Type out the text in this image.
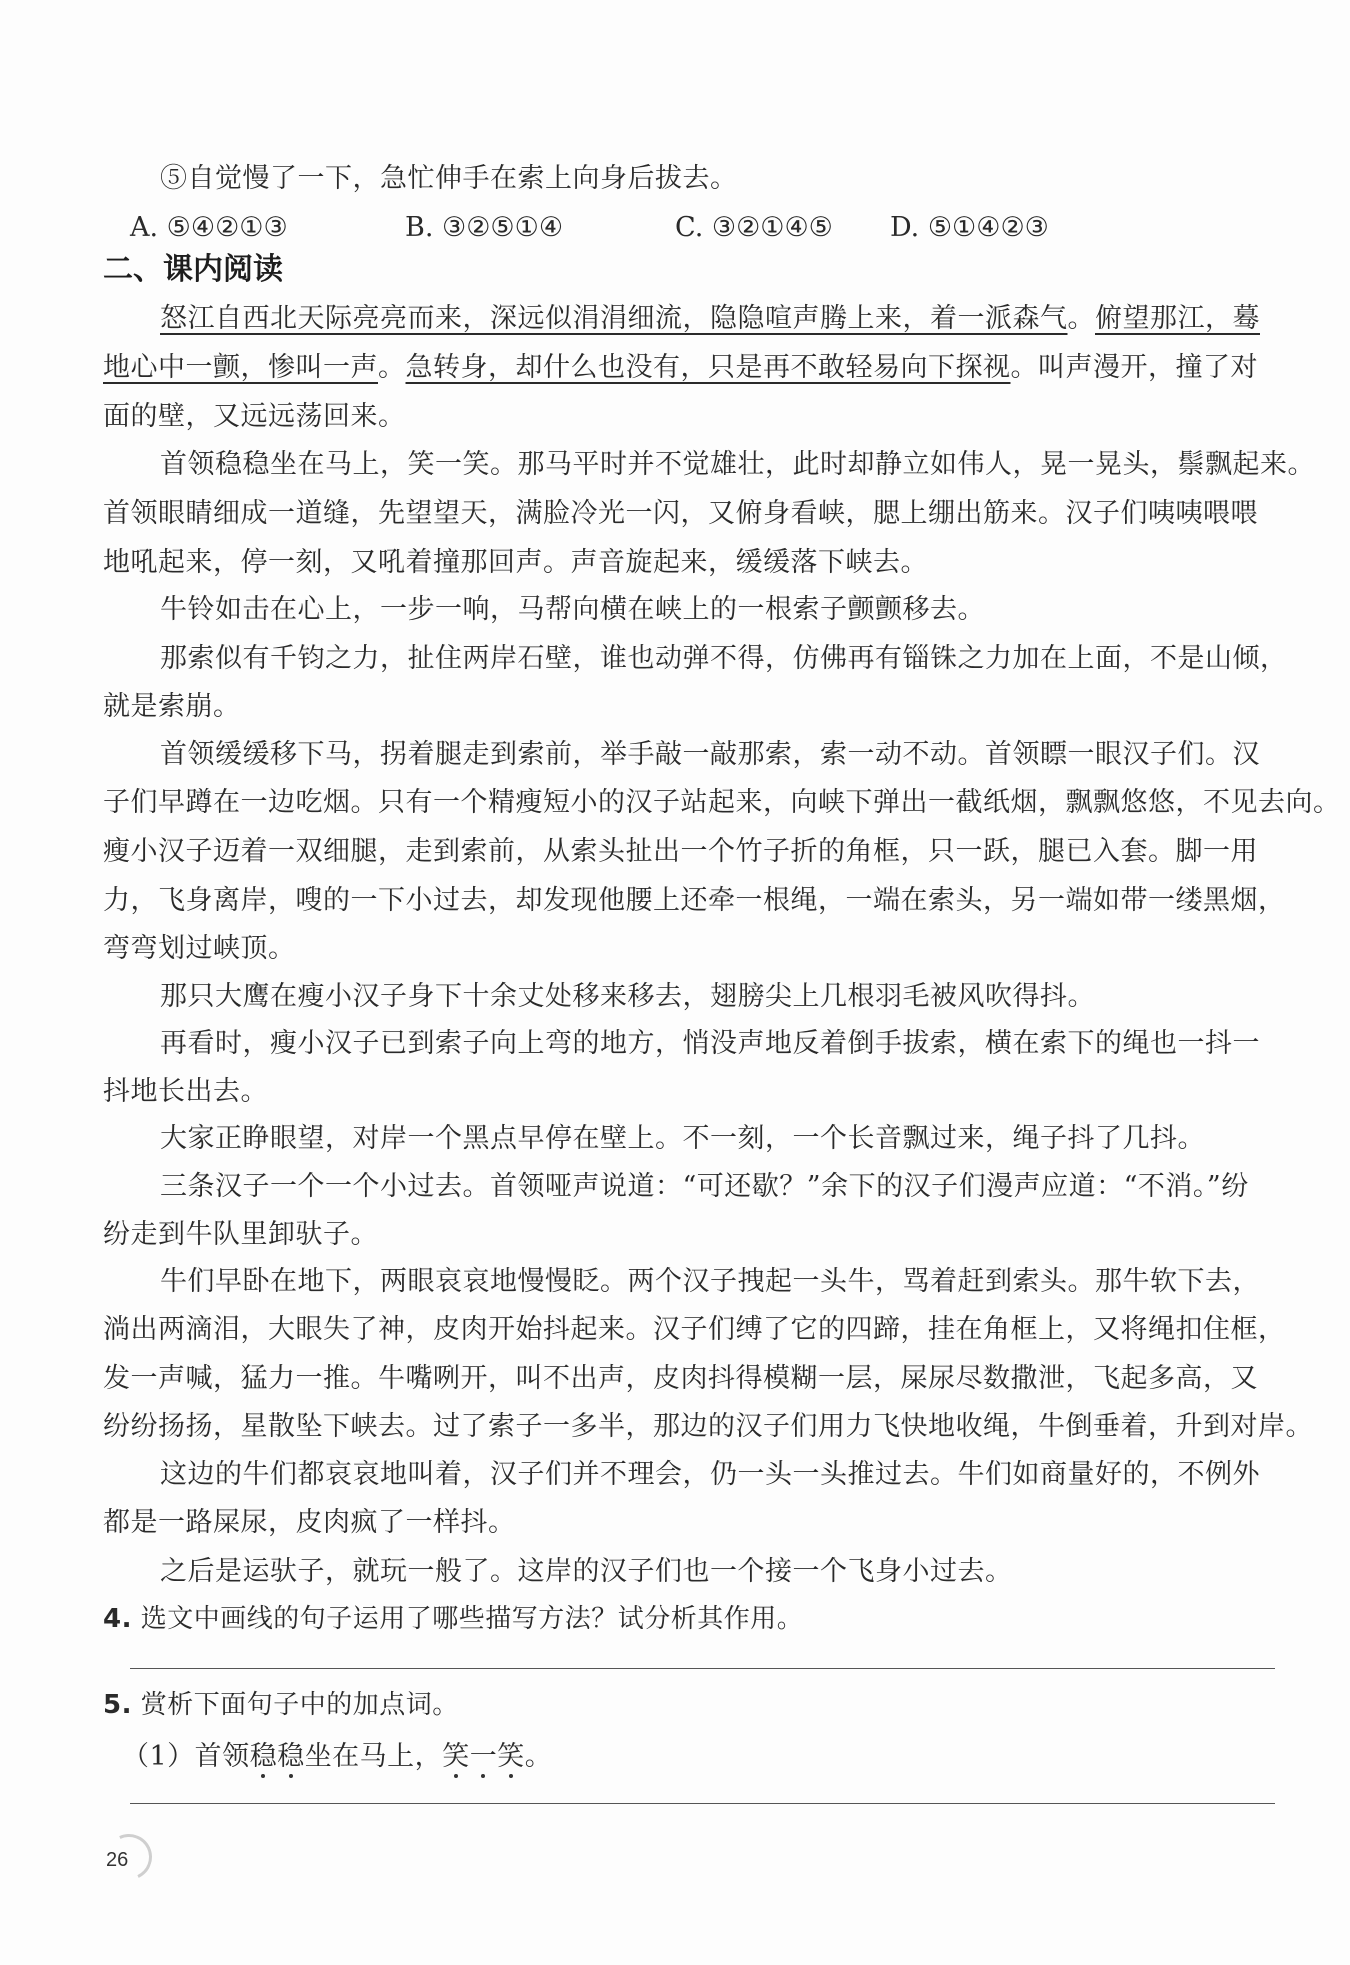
⑤自觉慢了一下，急忙伸手在索上向身后拔去。
A. ⑤④②①③	B. ③②⑤①④	C. ③②①④⑤ D. ⑤①④②③
二、课内阅读
怒江自西北天际亮亮而来，深远似涓涓细流，隐隐喧声腾上来，着一派森气。俯望那江，蓦
地心中一颤，惨叫一声。急转身，却什么也没有，只是再不敢轻易向下探视。叫声漫开，撞了对
面的壁，又远远荡回来。
首领稳稳坐在马上，笑一笑。那马平时并不觉雄壮，此时却静立如伟人，晃一晃头，鬃飘起来。
首领眼睛细成一道缝，先望望天，满脸冷光一闪，又俯身看峡，腮上绷出筋来。汉子们咦咦喂喂
地吼起来，停一刻，又吼着撞那回声。声音旋起来，缓缓落下峡去。
牛铃如击在心上，一步一响，马帮向横在峡上的一根索子颤颤移去。
那索似有千钧之力，扯住两岸石壁，谁也动弹不得，仿佛再有锱铢之力加在上面，不是山倾，
就是索崩。
首领缓缓移下马，拐着腿走到索前，举手敲一敲那索，索一动不动。首领瞟一眼汉子们。汉
子们早蹲在一边吃烟。只有一个精瘦短小的汉子站起来，向峡下弹出一截纸烟，飘飘悠悠，不见去向。
瘦小汉子迈着一双细腿，走到索前，从索头扯出一个竹子折的角框，只一跃，腿已入套。脚一用
力，飞身离岸，嗖的一下小过去，却发现他腰上还牵一根绳，一端在索头，另一端如带一缕黑烟，
弯弯划过峡顶。
那只大鹰在瘦小汉子身下十余丈处移来移去，翅膀尖上几根羽毛被风吹得抖。
再看时，瘦小汉子已到索子向上弯的地方，悄没声地反着倒手拔索，横在索下的绳也一抖一
抖地长出去。
大家正睁眼望，对岸一个黑点早停在壁上。不一刻，一个长音飘过来，绳子抖了几抖。
三条汉子一个一个小过去。首领哑声说道：“可还歇？”余下的汉子们漫声应道：“不消。”纷
纷走到牛队里卸驮子。
牛们早卧在地下，两眼哀哀地慢慢眨。两个汉子拽起一头牛，骂着赶到索头。那牛软下去，
淌出两滴泪，大眼失了神，皮肉开始抖起来。汉子们缚了它的四蹄，挂在角框上，又将绳扣住框，
发一声喊，猛力一推。牛嘴咧开，叫不出声，皮肉抖得模糊一层，屎尿尽数撒泄，飞起多高，又
纷纷扬扬，星散坠下峡去。过了索子一多半，那边的汉子们用力飞快地收绳，牛倒垂着，升到对岸。
这边的牛们都哀哀地叫着，汉子们并不理会，仍一头一头推过去。牛们如商量好的，不例外
都是一路屎尿，皮肉疯了一样抖。
之后是运驮子，就玩一般了。这岸的汉子们也一个接一个飞身小过去。
4. 选文中画线的句子运用了哪些描写方法？试分析其作用。
5. 赏析下面句子中的加点词。
（1）首领稳稳坐在马上，笑一笑。
26
